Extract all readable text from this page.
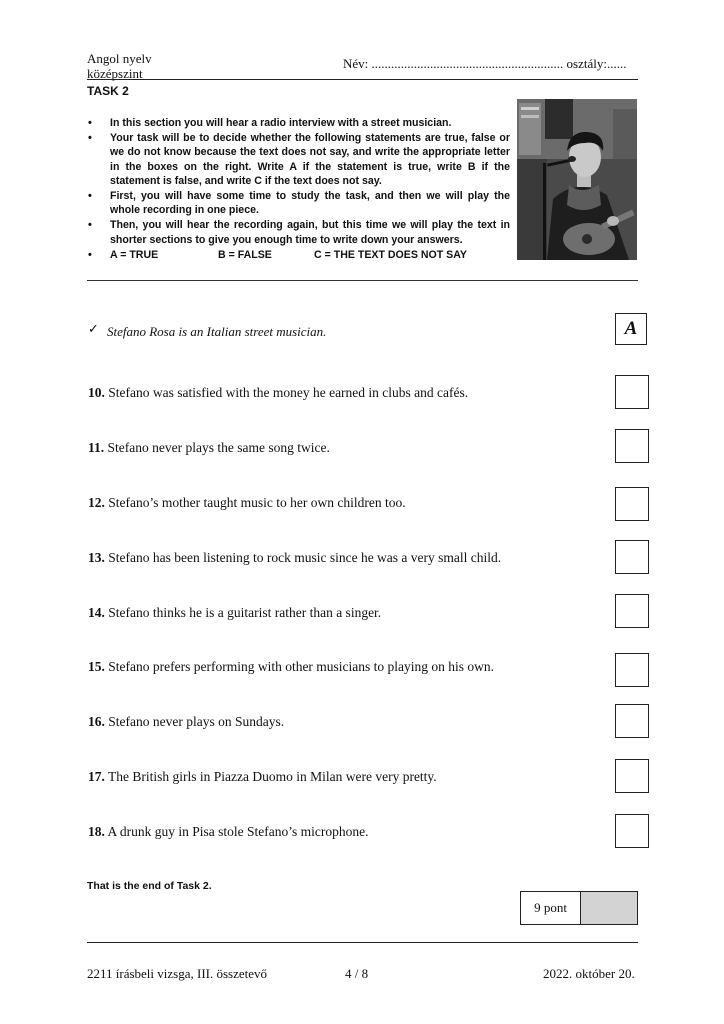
Angol nyelv
középszint
Név: ........................................................... osztály:......
TASK 2
• In this section you will hear a radio interview with a street musician.
• Your task will be to decide whether the following statements are true, false or we do not know because the text does not say, and write the appropriate letter in the boxes on the right. Write A if the statement is true, write B if the statement is false, and write C if the text does not say.
• First, you will have some time to study the task, and then we will play the whole recording in one piece.
• Then, you will hear the recording again, but this time we will play the text in shorter sections to give you enough time to write down your answers.
• A = TRUE	B = FALSE	C = THE TEXT DOES NOT SAY
✓ Stefano Rosa is an Italian street musician.	A
10. Stefano was satisfied with the money he earned in clubs and cafés.
11. Stefano never plays the same song twice.
12. Stefano’s mother taught music to her own children too.
13. Stefano has been listening to rock music since he was a very small child.
14. Stefano thinks he is a guitarist rather than a singer.
15. Stefano prefers performing with other musicians to playing on his own.
16. Stefano never plays on Sundays.
17. The British girls in Piazza Duomo in Milan were very pretty.
18. A drunk guy in Pisa stole Stefano’s microphone.
That is the end of Task 2.
9 pont
2211 írásbeli vizsga, III. összetevő	4 / 8	2022. október 20.
